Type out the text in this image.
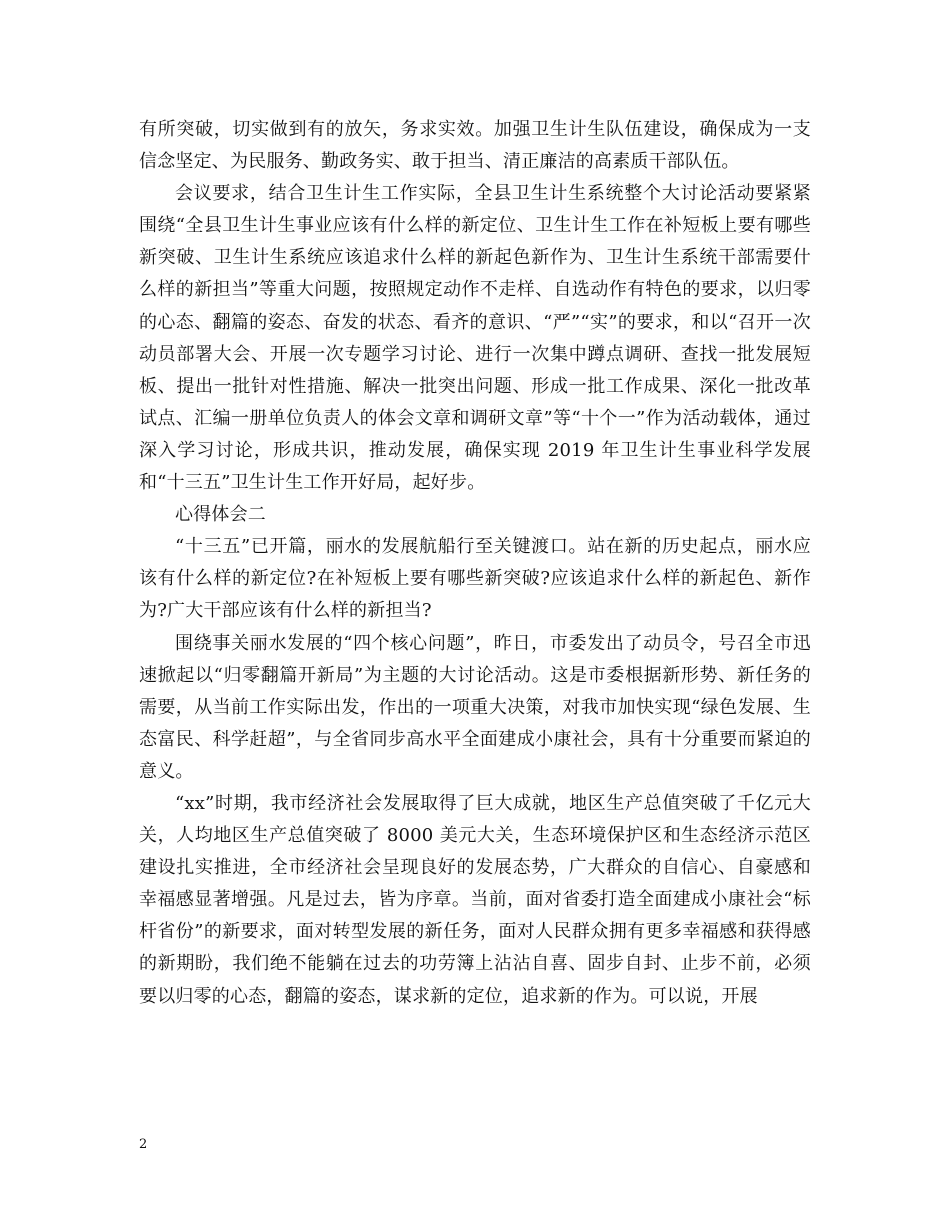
有所突破，切实做到有的放矢，务求实效。加强卫生计生队伍建设，确保成为一支信念坚定、为民服务、勤政务实、敢于担当、清正廉洁的高素质干部队伍。

会议要求，结合卫生计生工作实际，全县卫生计生系统整个大讨论活动要紧紧围绕“全县卫生计生事业应该有什么样的新定位、卫生计生工作在补短板上要有哪些新突破、卫生计生系统应该追求什么样的新起色新作为、卫生计生系统干部需要什么样的新担当”等重大问题，按照规定动作不走样、自选动作有特色的要求，以归零的心态、翻篇的姿态、奋发的状态、看齐的意识、“严”“实”的要求，和以“召开一次动员部署大会、开展一次专题学习讨论、进行一次集中蹲点调研、查找一批发展短板、提出一批针对性措施、解决一批突出问题、形成一批工作成果、深化一批改革试点、汇编一册单位负责人的体会文章和调研文章”等“十个一”作为活动载体，通过深入学习讨论，形成共识，推动发展，确保实现 2019 年卫生计生事业科学发展和“十三五”卫生计生工作开好局，起好步。

心得体会二

“十三五”已开篇，丽水的发展航船行至关键渡口。站在新的历史起点，丽水应该有什么样的新定位?在补短板上要有哪些新突破?应该追求什么样的新起色、新作为?广大干部应该有什么样的新担当?

围绕事关丽水发展的“四个核心问题”，昨日，市委发出了动员令，号召全市迅速掀起以“归零翻篇开新局”为主题的大讨论活动。这是市委根据新形势、新任务的需要，从当前工作实际出发，作出的一项重大决策，对我市加快实现“绿色发展、生态富民、科学赶超”，与全省同步高水平全面建成小康社会，具有十分重要而紧迫的意义。

“xx”时期，我市经济社会发展取得了巨大成就，地区生产总值突破了千亿元大关，人均地区生产总值突破了 8000 美元大关，生态环境保护区和生态经济示范区建设扎实推进，全市经济社会呈现良好的发展态势，广大群众的自信心、自豪感和幸福感显著增强。凡是过去，皆为序章。当前，面对省委打造全面建成小康社会“标杆省份”的新要求，面对转型发展的新任务，面对人民群众拥有更多幸福感和获得感的新期盼，我们绝不能躺在过去的功劳簿上沾沾自喜、固步自封、止步不前，必须要以归零的心态，翻篇的姿态，谋求新的定位，追求新的作为。可以说，开展

2
